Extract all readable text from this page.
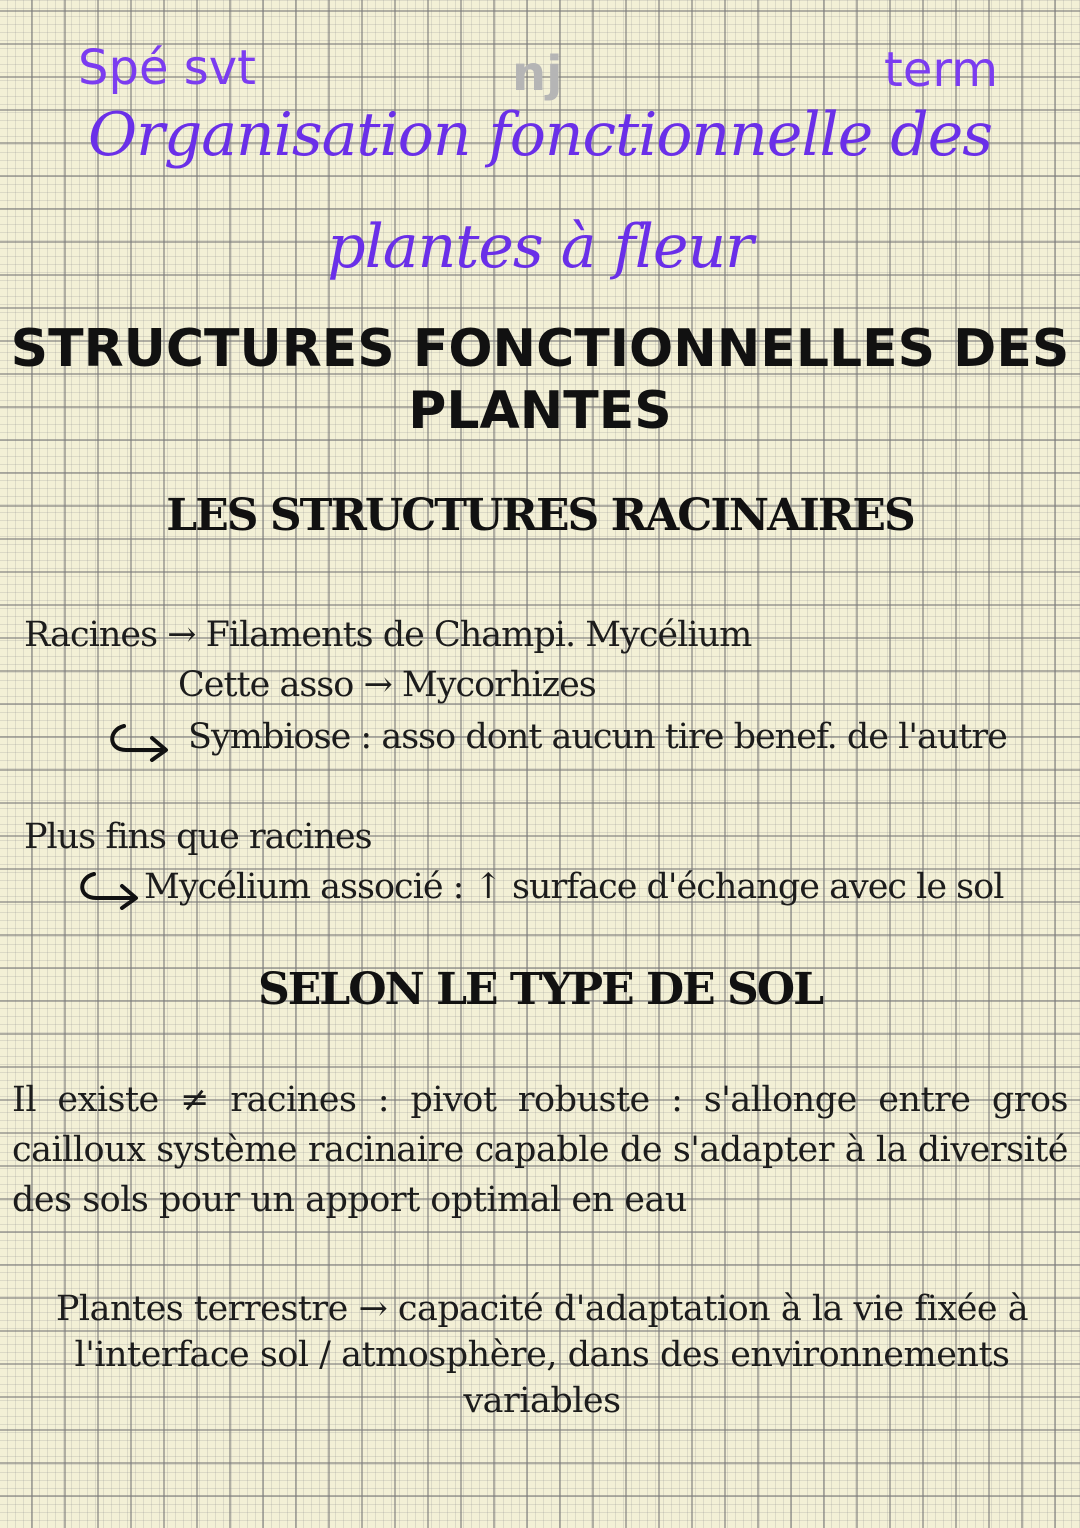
Spé svt	nj	term
Organisation fonctionnelle des
plantes à fleur
STRUCTURES FONCTIONNELLES DES
PLANTES
LES STRUCTURES RACINAIRES
Racines → Filaments de Champi. Mycélium
Cette asso → Mycorhizes
Symbiose : asso dont aucun tire benef. de l'autre
Plus fins que racines
Mycélium associé : ↑ surface d'échange avec le sol
SELON LE TYPE DE SOL
Il existe ≠ racines : pivot robuste : s'allonge entre gros cailloux système racinaire capable de s'adapter à la diversité des sols pour un apport optimal en eau
Plantes terrestre → capacité d'adaptation à la vie fixée à l'interface sol / atmosphère, dans des environnements variables
